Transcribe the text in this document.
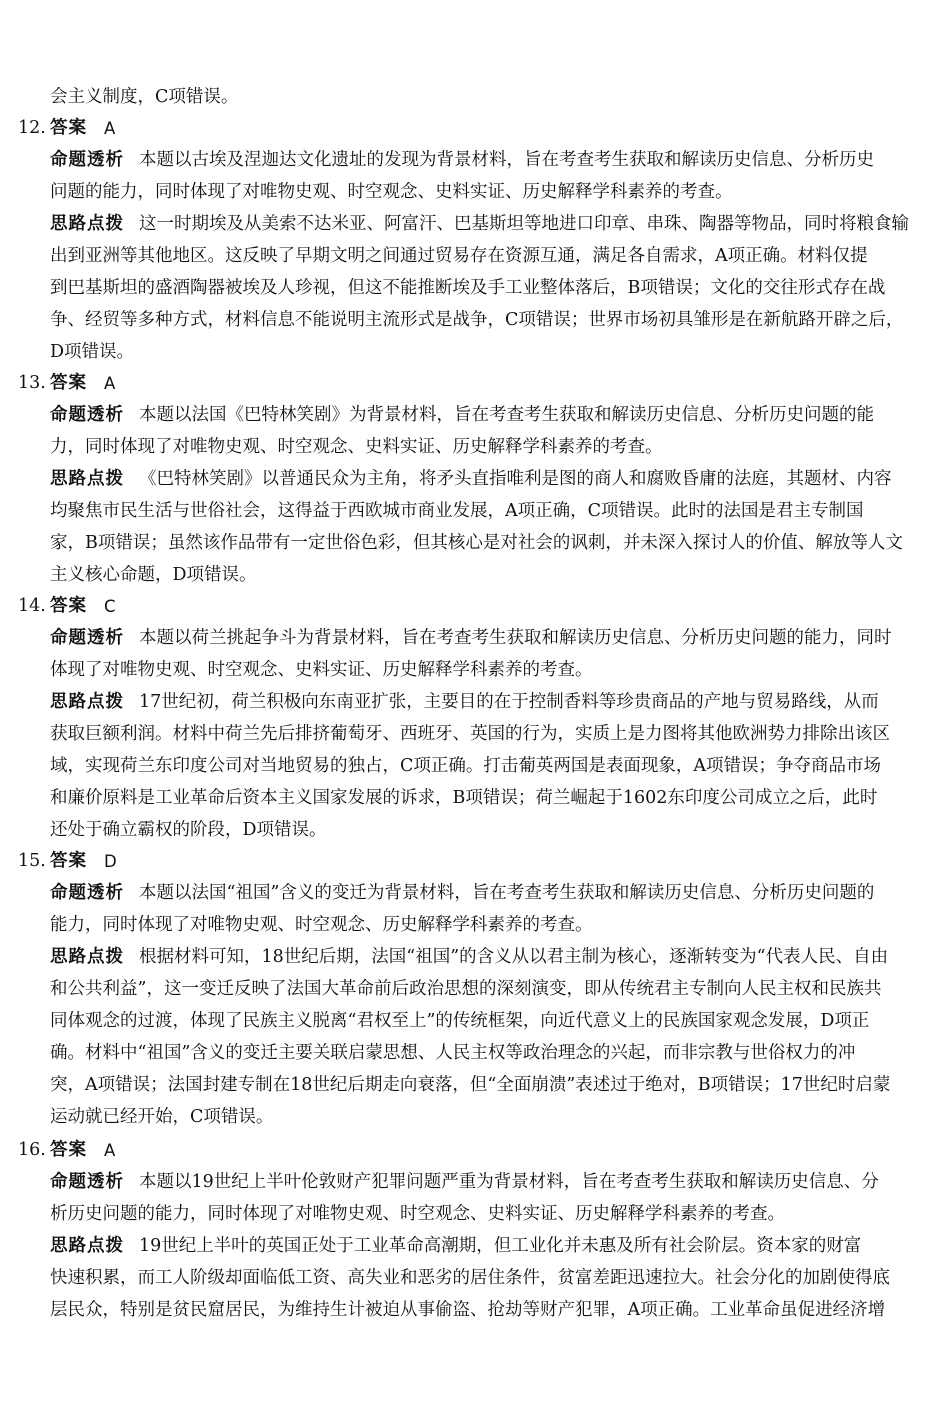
会主义制度，C项错误。
12. 答案 A
命题透析 本题以古埃及涅迦达文化遗址的发现为背景材料，旨在考查考生获取和解读历史信息、分析历史
问题的能力，同时体现了对唯物史观、时空观念、史料实证、历史解释学科素养的考查。
思路点拨 这一时期埃及从美索不达米亚、阿富汗、巴基斯坦等地进口印章、串珠、陶器等物品，同时将粮食输
出到亚洲等其他地区。这反映了早期文明之间通过贸易存在资源互通，满足各自需求，A项正确。材料仅提
到巴基斯坦的盛酒陶器被埃及人珍视，但这不能推断埃及手工业整体落后，B项错误；文化的交往形式存在战
争、经贸等多种方式，材料信息不能说明主流形式是战争，C项错误；世界市场初具雏形是在新航路开辟之后，
D项错误。
13. 答案 A
命题透析 本题以法国《巴特林笑剧》为背景材料，旨在考查考生获取和解读历史信息、分析历史问题的能
力，同时体现了对唯物史观、时空观念、史料实证、历史解释学科素养的考查。
思路点拨 《巴特林笑剧》以普通民众为主角，将矛头直指唯利是图的商人和腐败昏庸的法庭，其题材、内容
均聚焦市民生活与世俗社会，这得益于西欧城市商业发展，A项正确，C项错误。此时的法国是君主专制国
家，B项错误；虽然该作品带有一定世俗色彩，但其核心是对社会的讽刺，并未深入探讨人的价值、解放等人文
主义核心命题，D项错误。
14. 答案 C
命题透析 本题以荷兰挑起争斗为背景材料，旨在考查考生获取和解读历史信息、分析历史问题的能力，同时
体现了对唯物史观、时空观念、史料实证、历史解释学科素养的考查。
思路点拨 17世纪初，荷兰积极向东南亚扩张，主要目的在于控制香料等珍贵商品的产地与贸易路线，从而
获取巨额利润。材料中荷兰先后排挤葡萄牙、西班牙、英国的行为，实质上是力图将其他欧洲势力排除出该区
域，实现荷兰东印度公司对当地贸易的独占，C项正确。打击葡英两国是表面现象，A项错误；争夺商品市场
和廉价原料是工业革命后资本主义国家发展的诉求，B项错误；荷兰崛起于1602东印度公司成立之后，此时
还处于确立霸权的阶段，D项错误。
15. 答案 D
命题透析 本题以法国“祖国”含义的变迁为背景材料，旨在考查考生获取和解读历史信息、分析历史问题的
能力，同时体现了对唯物史观、时空观念、历史解释学科素养的考查。
思路点拨 根据材料可知，18世纪后期，法国“祖国”的含义从以君主制为核心，逐渐转变为“代表人民、自由
和公共利益”，这一变迁反映了法国大革命前后政治思想的深刻演变，即从传统君主专制向人民主权和民族共
同体观念的过渡，体现了民族主义脱离“君权至上”的传统框架，向近代意义上的民族国家观念发展，D项正
确。材料中“祖国”含义的变迁主要关联启蒙思想、人民主权等政治理念的兴起，而非宗教与世俗权力的冲
突，A项错误；法国封建专制在18世纪后期走向衰落，但“全面崩溃”表述过于绝对，B项错误；17世纪时启蒙
运动就已经开始，C项错误。
16. 答案 A
命题透析 本题以19世纪上半叶伦敦财产犯罪问题严重为背景材料，旨在考查考生获取和解读历史信息、分
析历史问题的能力，同时体现了对唯物史观、时空观念、史料实证、历史解释学科素养的考查。
思路点拨 19世纪上半叶的英国正处于工业革命高潮期，但工业化并未惠及所有社会阶层。资本家的财富
快速积累，而工人阶级却面临低工资、高失业和恶劣的居住条件，贫富差距迅速拉大。社会分化的加剧使得底
层民众，特别是贫民窟居民，为维持生计被迫从事偷盗、抢劫等财产犯罪，A项正确。工业革命虽促进经济增
